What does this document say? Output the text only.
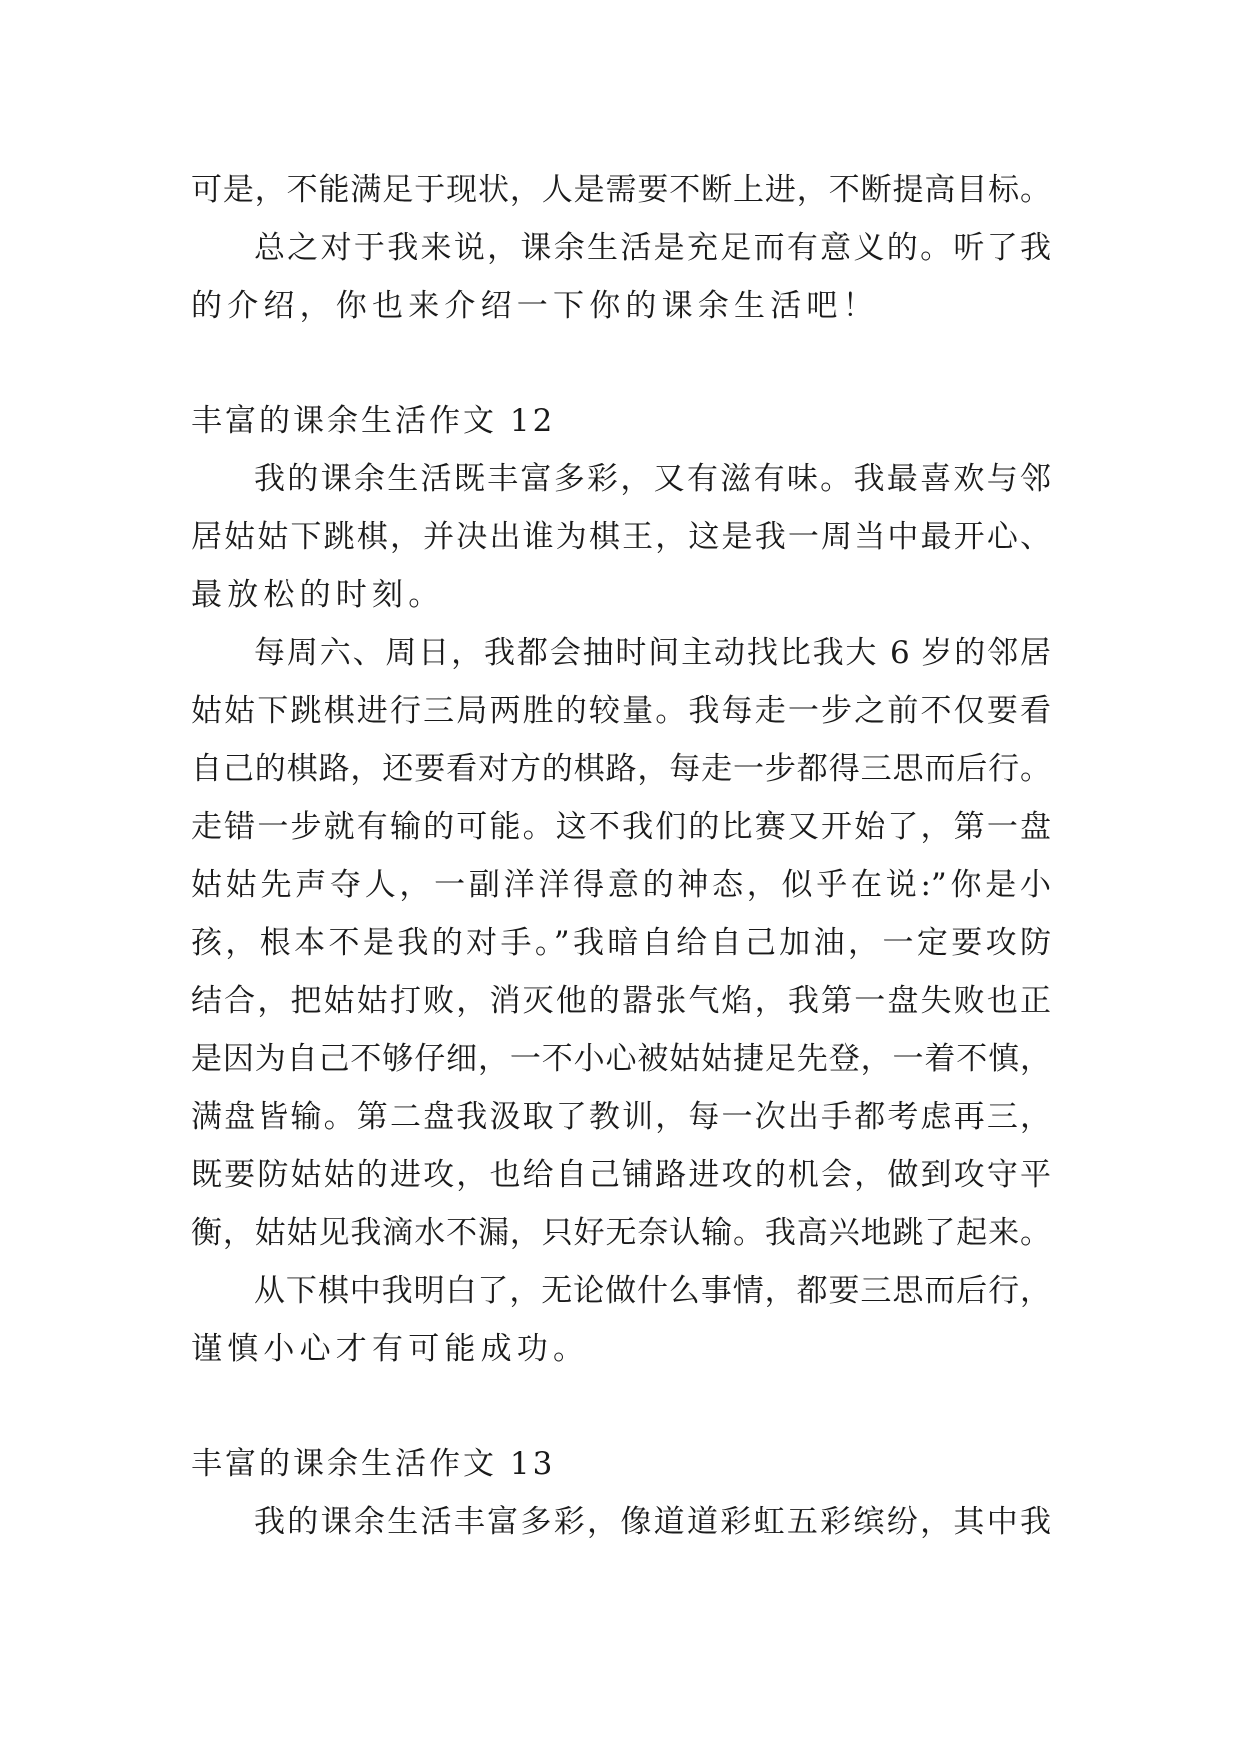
可是，不能满足于现状，人是需要不断上进，不断提高目标。
总之对于我来说，课余生活是充足而有意义的。听了我
的介绍，你也来介绍一下你的课余生活吧！
丰富的课余生活作文 12
我的课余生活既丰富多彩，又有滋有味。我最喜欢与邻
居姑姑下跳棋，并决出谁为棋王，这是我一周当中最开心、
最放松的时刻。
每周六、周日，我都会抽时间主动找比我大 6 岁的邻居
姑姑下跳棋进行三局两胜的较量。我每走一步之前不仅要看
自己的棋路，还要看对方的棋路，每走一步都得三思而后行。
走错一步就有输的可能。这不我们的比赛又开始了，第一盘
姑姑先声夺人，一副洋洋得意的神态，似乎在说:”你是小
孩，根本不是我的对手。”我暗自给自己加油，一定要攻防
结合，把姑姑打败，消灭他的嚣张气焰，我第一盘失败也正
是因为自己不够仔细，一不小心被姑姑捷足先登，一着不慎，
满盘皆输。第二盘我汲取了教训，每一次出手都考虑再三，
既要防姑姑的进攻，也给自己铺路进攻的机会，做到攻守平
衡，姑姑见我滴水不漏，只好无奈认输。我高兴地跳了起来。
从下棋中我明白了，无论做什么事情，都要三思而后行，
谨慎小心才有可能成功。
丰富的课余生活作文 13
我的课余生活丰富多彩，像道道彩虹五彩缤纷，其中我
